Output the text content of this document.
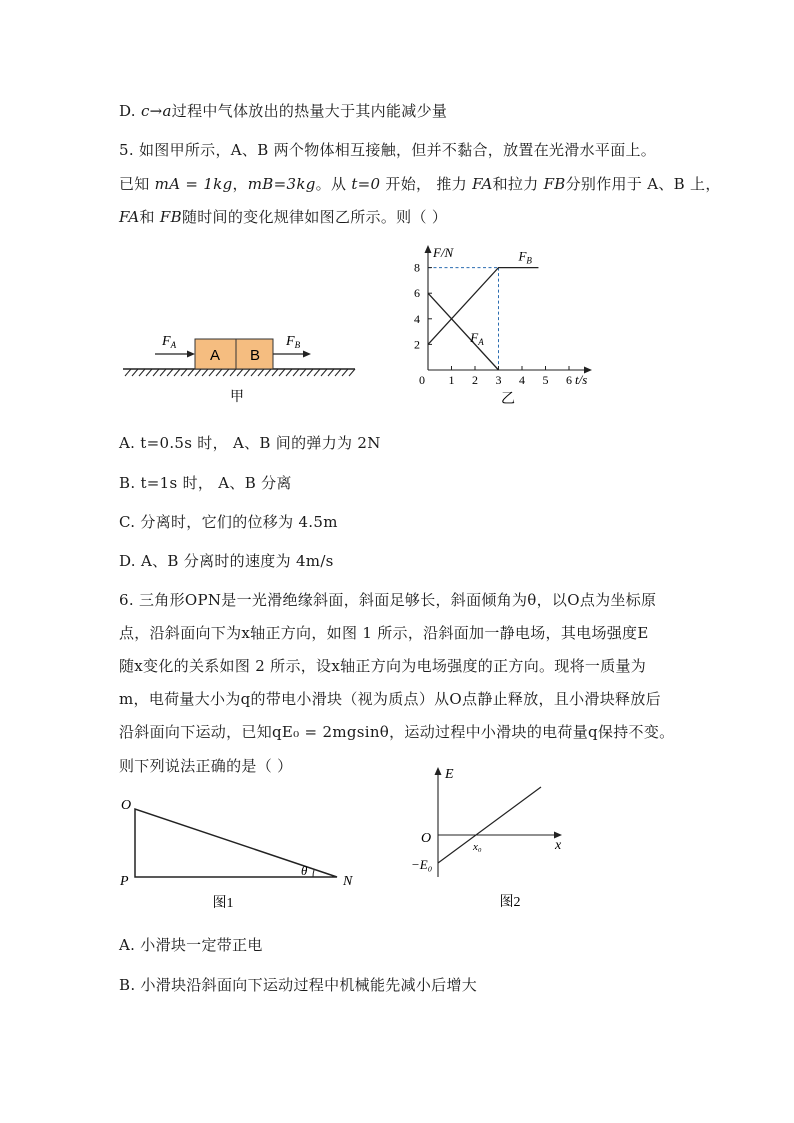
D. c→a过程中气体放出的热量大于其内能减少量
5. 如图甲所示，A、B 两个物体相互接触，但并不黏合，放置在光滑水平面上。
已知 mA = 1kg，mB=3kg。从 t=0 开始， 推力 FA和拉力 FB分别作用于 A、B 上，
FA和 FB随时间的变化规律如图乙所示。则（ ）
A B
$F_A$	$F_B$
甲
F/N
t/s
乙
0 1 2 3 4 5 6
2
4
6
8
$F_B$
$F_A$
A. t=0.5s 时， A、B 间的弹力为 2N
B. t=1s 时， A、B 分离
C. 分离时，它们的位移为 4.5m
D. A、B 分离时的速度为 4m/s
6. 三角形OPN是一光滑绝缘斜面，斜面足够长，斜面倾角为θ，以O点为坐标原
点，沿斜面向下为x轴正方向，如图 1 所示，沿斜面加一静电场，其电场强度E
随x变化的关系如图 2 所示，设x轴正方向为电场强度的正方向。现将一质量为
m，电荷量大小为q的带电小滑块（视为质点）从O点静止释放，且小滑块释放后
沿斜面向下运动，已知qE₀ = 2mgsinθ，运动过程中小滑块的电荷量q保持不变。
则下列说法正确的是（ ）
O
P	N
θ
图1
E
O	x
x₀
−E₀
图2
A. 小滑块一定带正电
B. 小滑块沿斜面向下运动过程中机械能先减小后增大
